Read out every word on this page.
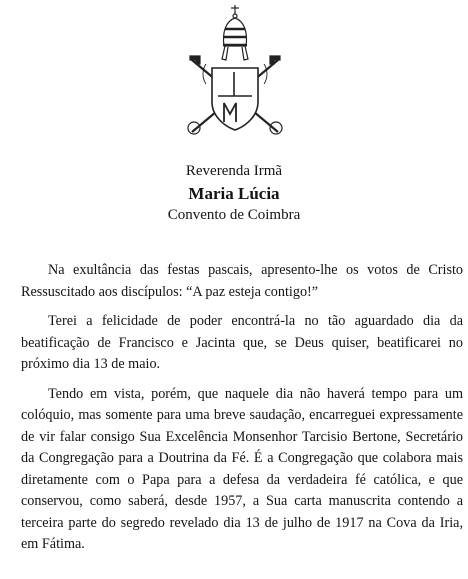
Reverenda Irmã
Maria Lúcia
Convento de Coimbra

Na exultância das festas pascais, apresento-lhe os votos de Cristo Ressuscitado aos discípulos: “A paz esteja contigo!”

Terei a felicidade de poder encontrá-la no tão aguardado dia da beatificação de Francisco e Jacinta que, se Deus quiser, beatificarei no próximo dia 13 de maio.

Tendo em vista, porém, que naquele dia não haverá tempo para um colóquio, mas somente para uma breve saudação, encarreguei expressamente de vir falar consigo Sua Excelência Monsenhor Tarcisio Bertone, Secretário da Congregação para a Doutrina da Fé. É a Congregação que colabora mais diretamente com o Papa para a defesa da verdadeira fé católica, e que conservou, como saberá, desde 1957, a Sua carta manuscrita contendo a terceira parte do segredo revelado dia 13 de julho de 1917 na Cova da Iria, em Fátima.
